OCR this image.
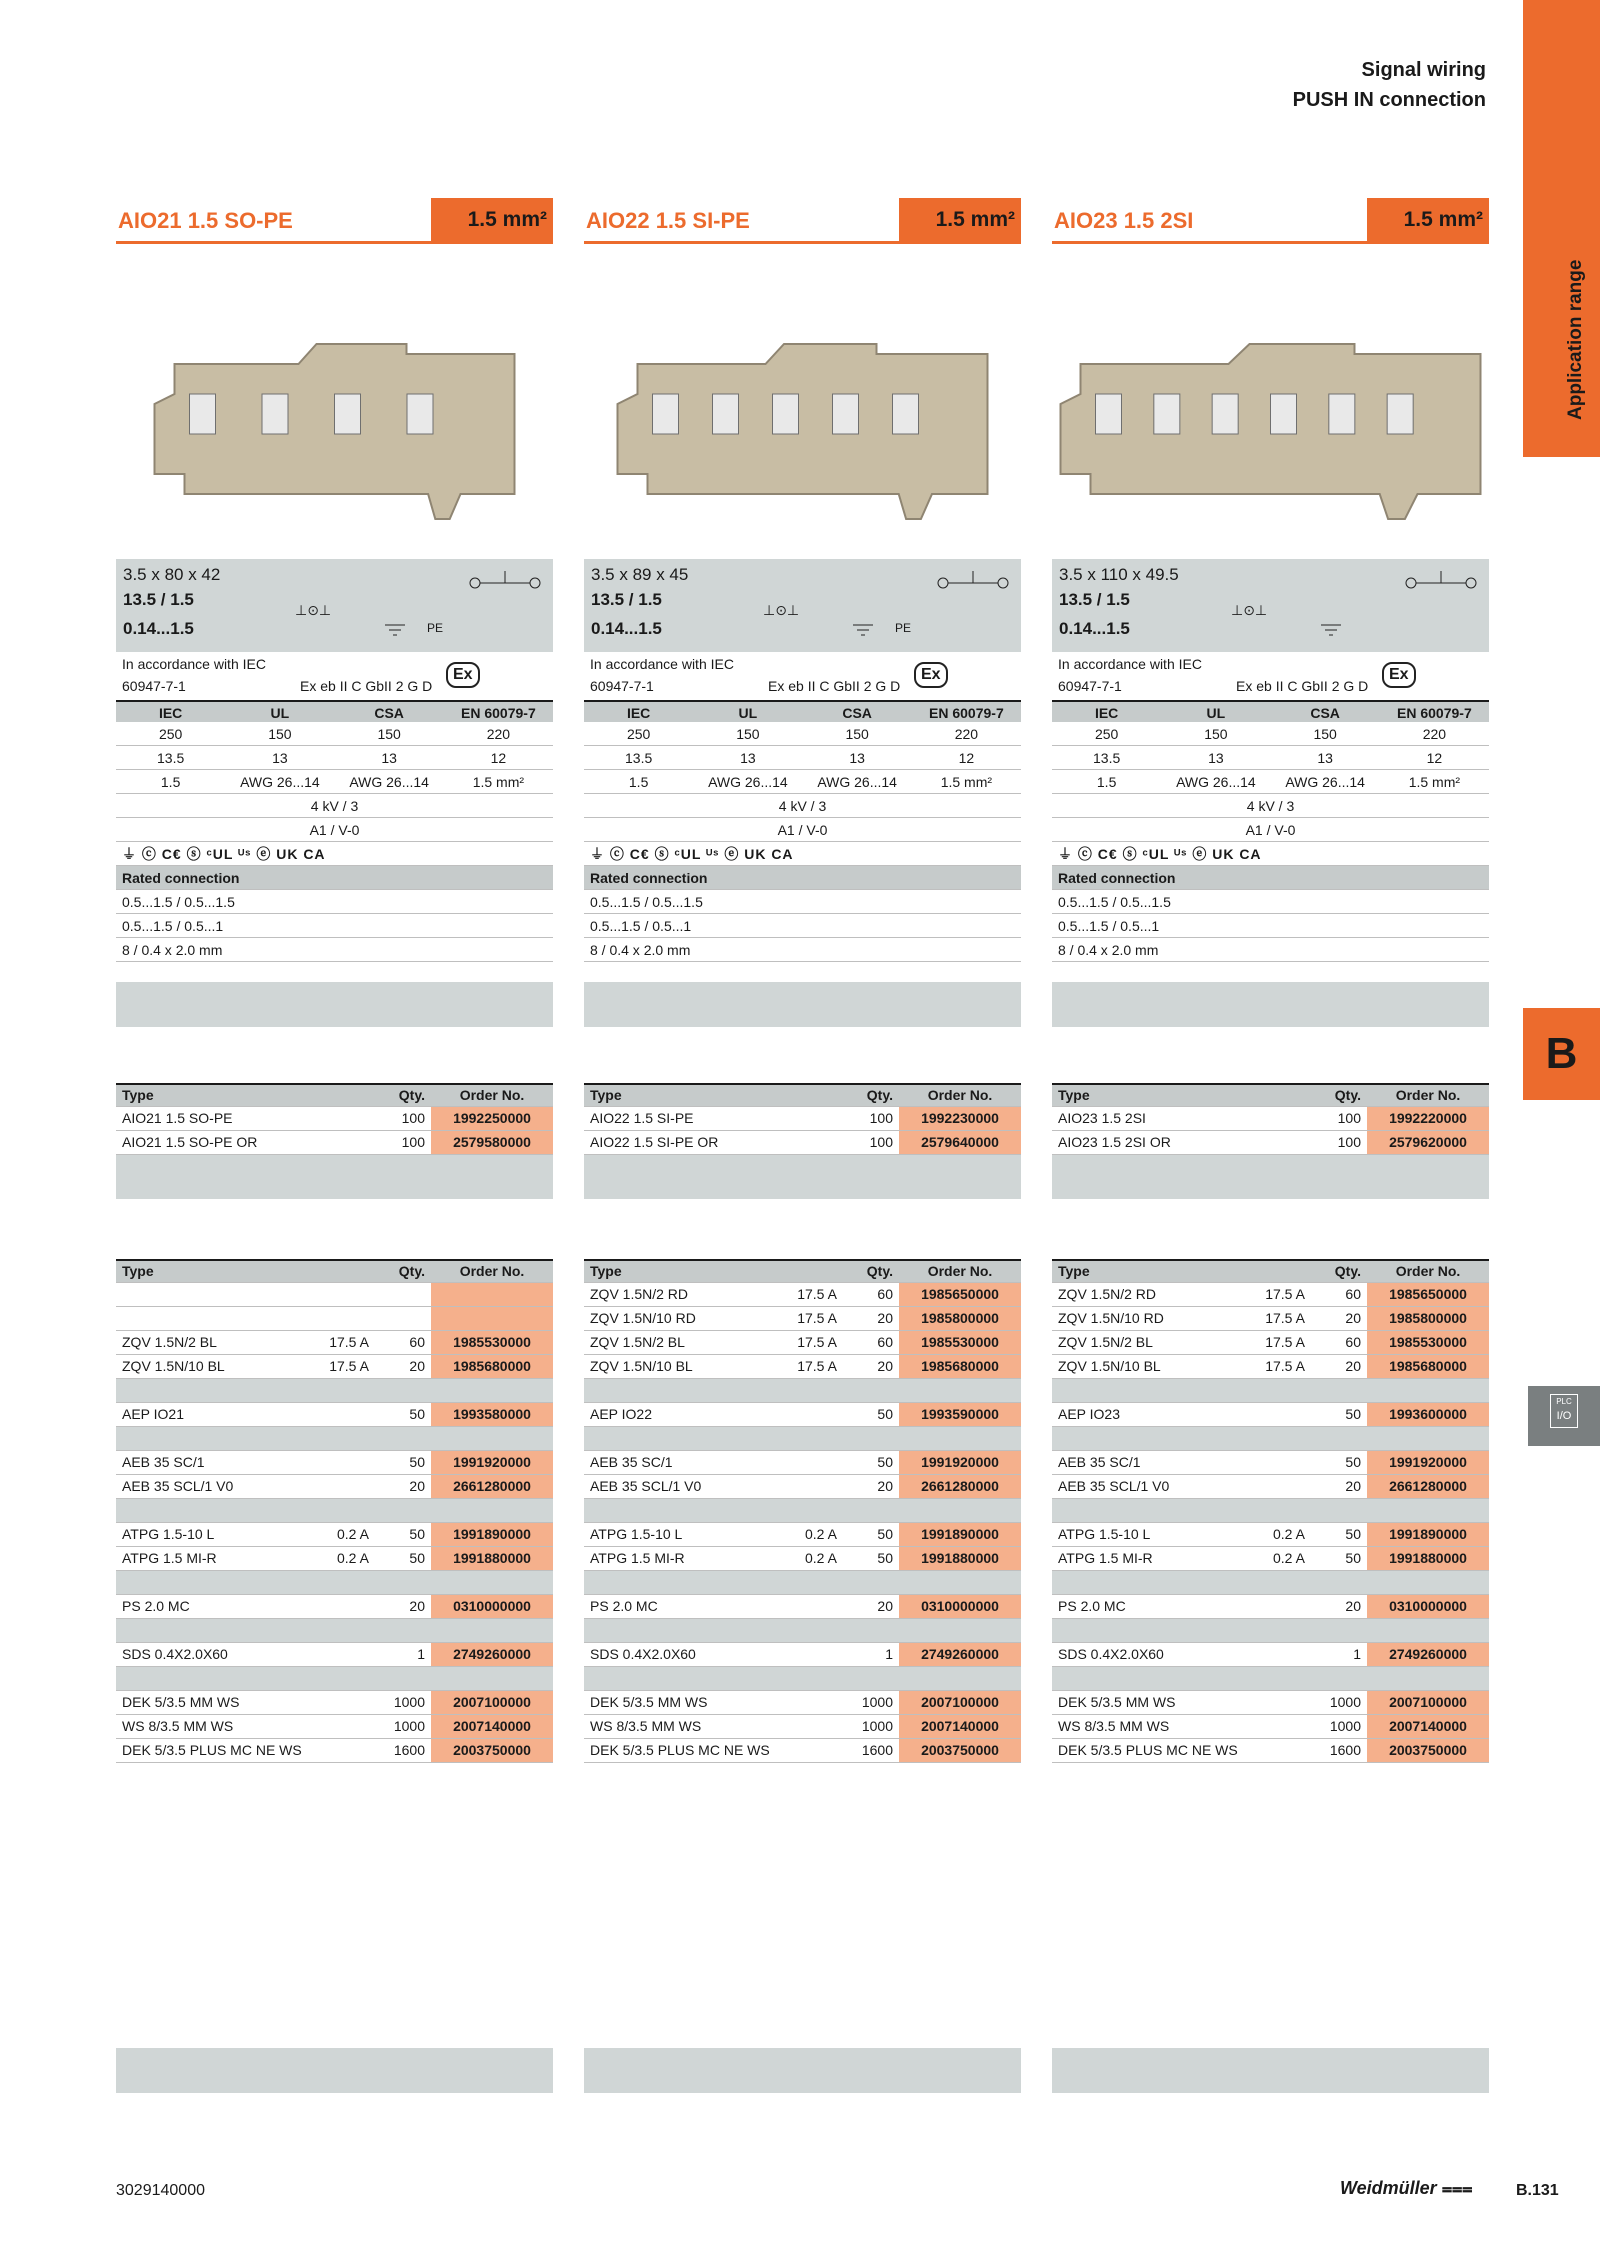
Application range
B
PLC
I/O
Signal wiring
PUSH IN connection
AIO21 1.5 SO-PE	1.5 mm²
3.5 x 80 x 42
13.5 / 1.5
0.14...1.5
⊥⊙⊥
PE
In accordance with IEC
60947-7-1	Ex eb II C GbII 2 G D
Ex
IEC	UL	CSA	EN 60079-7
250	150	150	220
13.5	13	13	12
1.5	AWG 26...14	AWG 26...14	1.5 mm²
4 kV / 3
A1 / V-0
⏚ ⓒ C€ ⓢ ᶜUL ᵁˢ ⓔ UK CA
Rated connection
0.5...1.5 / 0.5...1.5
0.5...1.5 / 0.5...1
8 / 0.4 x 2.0 mm
Type	Qty.	Order No.
AIO21 1.5 SO-PE	100	1992250000
AIO21 1.5 SO-PE OR	100	2579580000

Type		Qty.	Order No.

ZQV 1.5N/2 BL	17.5 A	60	1985530000
ZQV 1.5N/10 BL	17.5 A	20	1985680000

AEP IO21		50	1993580000

AEB 35 SC/1		50	1991920000
AEB 35 SCL/1 V0		20	2661280000

ATPG 1.5-10 L	0.2 A	50	1991890000
ATPG 1.5 MI-R	0.2 A	50	1991880000

PS 2.0 MC		20	0310000000

SDS 0.4X2.0X60		1	2749260000

DEK 5/3.5 MM WS		1000	2007100000
WS 8/3.5 MM WS		1000	2007140000
DEK 5/3.5 PLUS MC NE WS		1600	2003750000
AIO22 1.5 SI-PE	1.5 mm²
3.5 x 89 x 45
13.5 / 1.5
0.14...1.5
⊥⊙⊥
PE
In accordance with IEC
60947-7-1	Ex eb II C GbII 2 G D
Ex
IEC	UL	CSA	EN 60079-7
250	150	150	220
13.5	13	13	12
1.5	AWG 26...14	AWG 26...14	1.5 mm²
4 kV / 3
A1 / V-0
⏚ ⓒ C€ ⓢ ᶜUL ᵁˢ ⓔ UK CA
Rated connection
0.5...1.5 / 0.5...1.5
0.5...1.5 / 0.5...1
8 / 0.4 x 2.0 mm
Type	Qty.	Order No.
AIO22 1.5 SI-PE	100	1992230000
AIO22 1.5 SI-PE OR	100	2579640000

Type		Qty.	Order No.
ZQV 1.5N/2 RD	17.5 A	60	1985650000
ZQV 1.5N/10 RD	17.5 A	20	1985800000
ZQV 1.5N/2 BL	17.5 A	60	1985530000
ZQV 1.5N/10 BL	17.5 A	20	1985680000

AEP IO22		50	1993590000

AEB 35 SC/1		50	1991920000
AEB 35 SCL/1 V0		20	2661280000

ATPG 1.5-10 L	0.2 A	50	1991890000
ATPG 1.5 MI-R	0.2 A	50	1991880000

PS 2.0 MC		20	0310000000

SDS 0.4X2.0X60		1	2749260000

DEK 5/3.5 MM WS		1000	2007100000
WS 8/3.5 MM WS		1000	2007140000
DEK 5/3.5 PLUS MC NE WS		1600	2003750000
AIO23 1.5 2SI	1.5 mm²
3.5 x 110 x 49.5
13.5 / 1.5
0.14...1.5
⊥⊙⊥
In accordance with IEC
60947-7-1	Ex eb II C GbII 2 G D
Ex
IEC	UL	CSA	EN 60079-7
250	150	150	220
13.5	13	13	12
1.5	AWG 26...14	AWG 26...14	1.5 mm²
4 kV / 3
A1 / V-0
⏚ ⓒ C€ ⓢ ᶜUL ᵁˢ ⓔ UK CA
Rated connection
0.5...1.5 / 0.5...1.5
0.5...1.5 / 0.5...1
8 / 0.4 x 2.0 mm
Type	Qty.	Order No.
AIO23 1.5 2SI	100	1992220000
AIO23 1.5 2SI OR	100	2579620000

Type		Qty.	Order No.
ZQV 1.5N/2 RD	17.5 A	60	1985650000
ZQV 1.5N/10 RD	17.5 A	20	1985800000
ZQV 1.5N/2 BL	17.5 A	60	1985530000
ZQV 1.5N/10 BL	17.5 A	20	1985680000

AEP IO23		50	1993600000

AEB 35 SC/1		50	1991920000
AEB 35 SCL/1 V0		20	2661280000

ATPG 1.5-10 L	0.2 A	50	1991890000
ATPG 1.5 MI-R	0.2 A	50	1991880000

PS 2.0 MC		20	0310000000

SDS 0.4X2.0X60		1	2749260000

DEK 5/3.5 MM WS		1000	2007100000
WS 8/3.5 MM WS		1000	2007140000
DEK 5/3.5 PLUS MC NE WS		1600	2003750000
3029140000	Weidmüller ⩶	B.131
